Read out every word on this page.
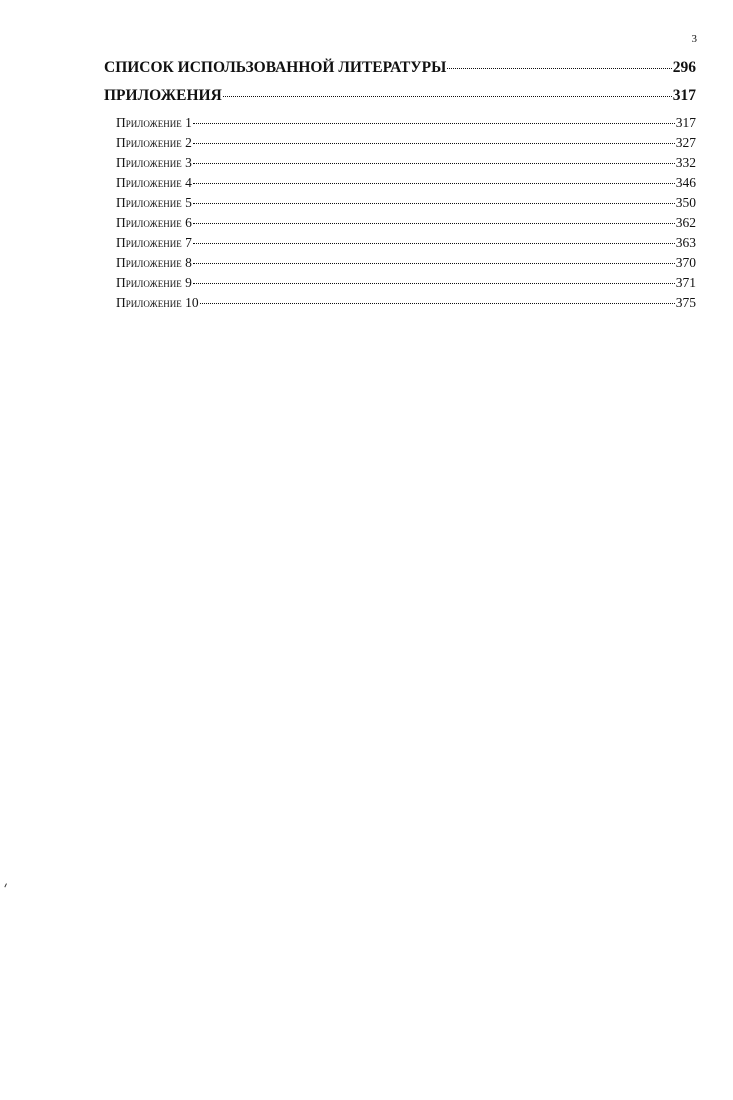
3
СПИСОК ИСПОЛЬЗОВАННОЙ ЛИТЕРАТУРЫ	296
ПРИЛОЖЕНИЯ	317
Приложение 1	317
Приложение 2	327
Приложение 3	332
Приложение 4	346
Приложение 5	350
Приложение 6	362
Приложение 7	363
Приложение 8	370
Приложение 9	371
Приложение 10	375
